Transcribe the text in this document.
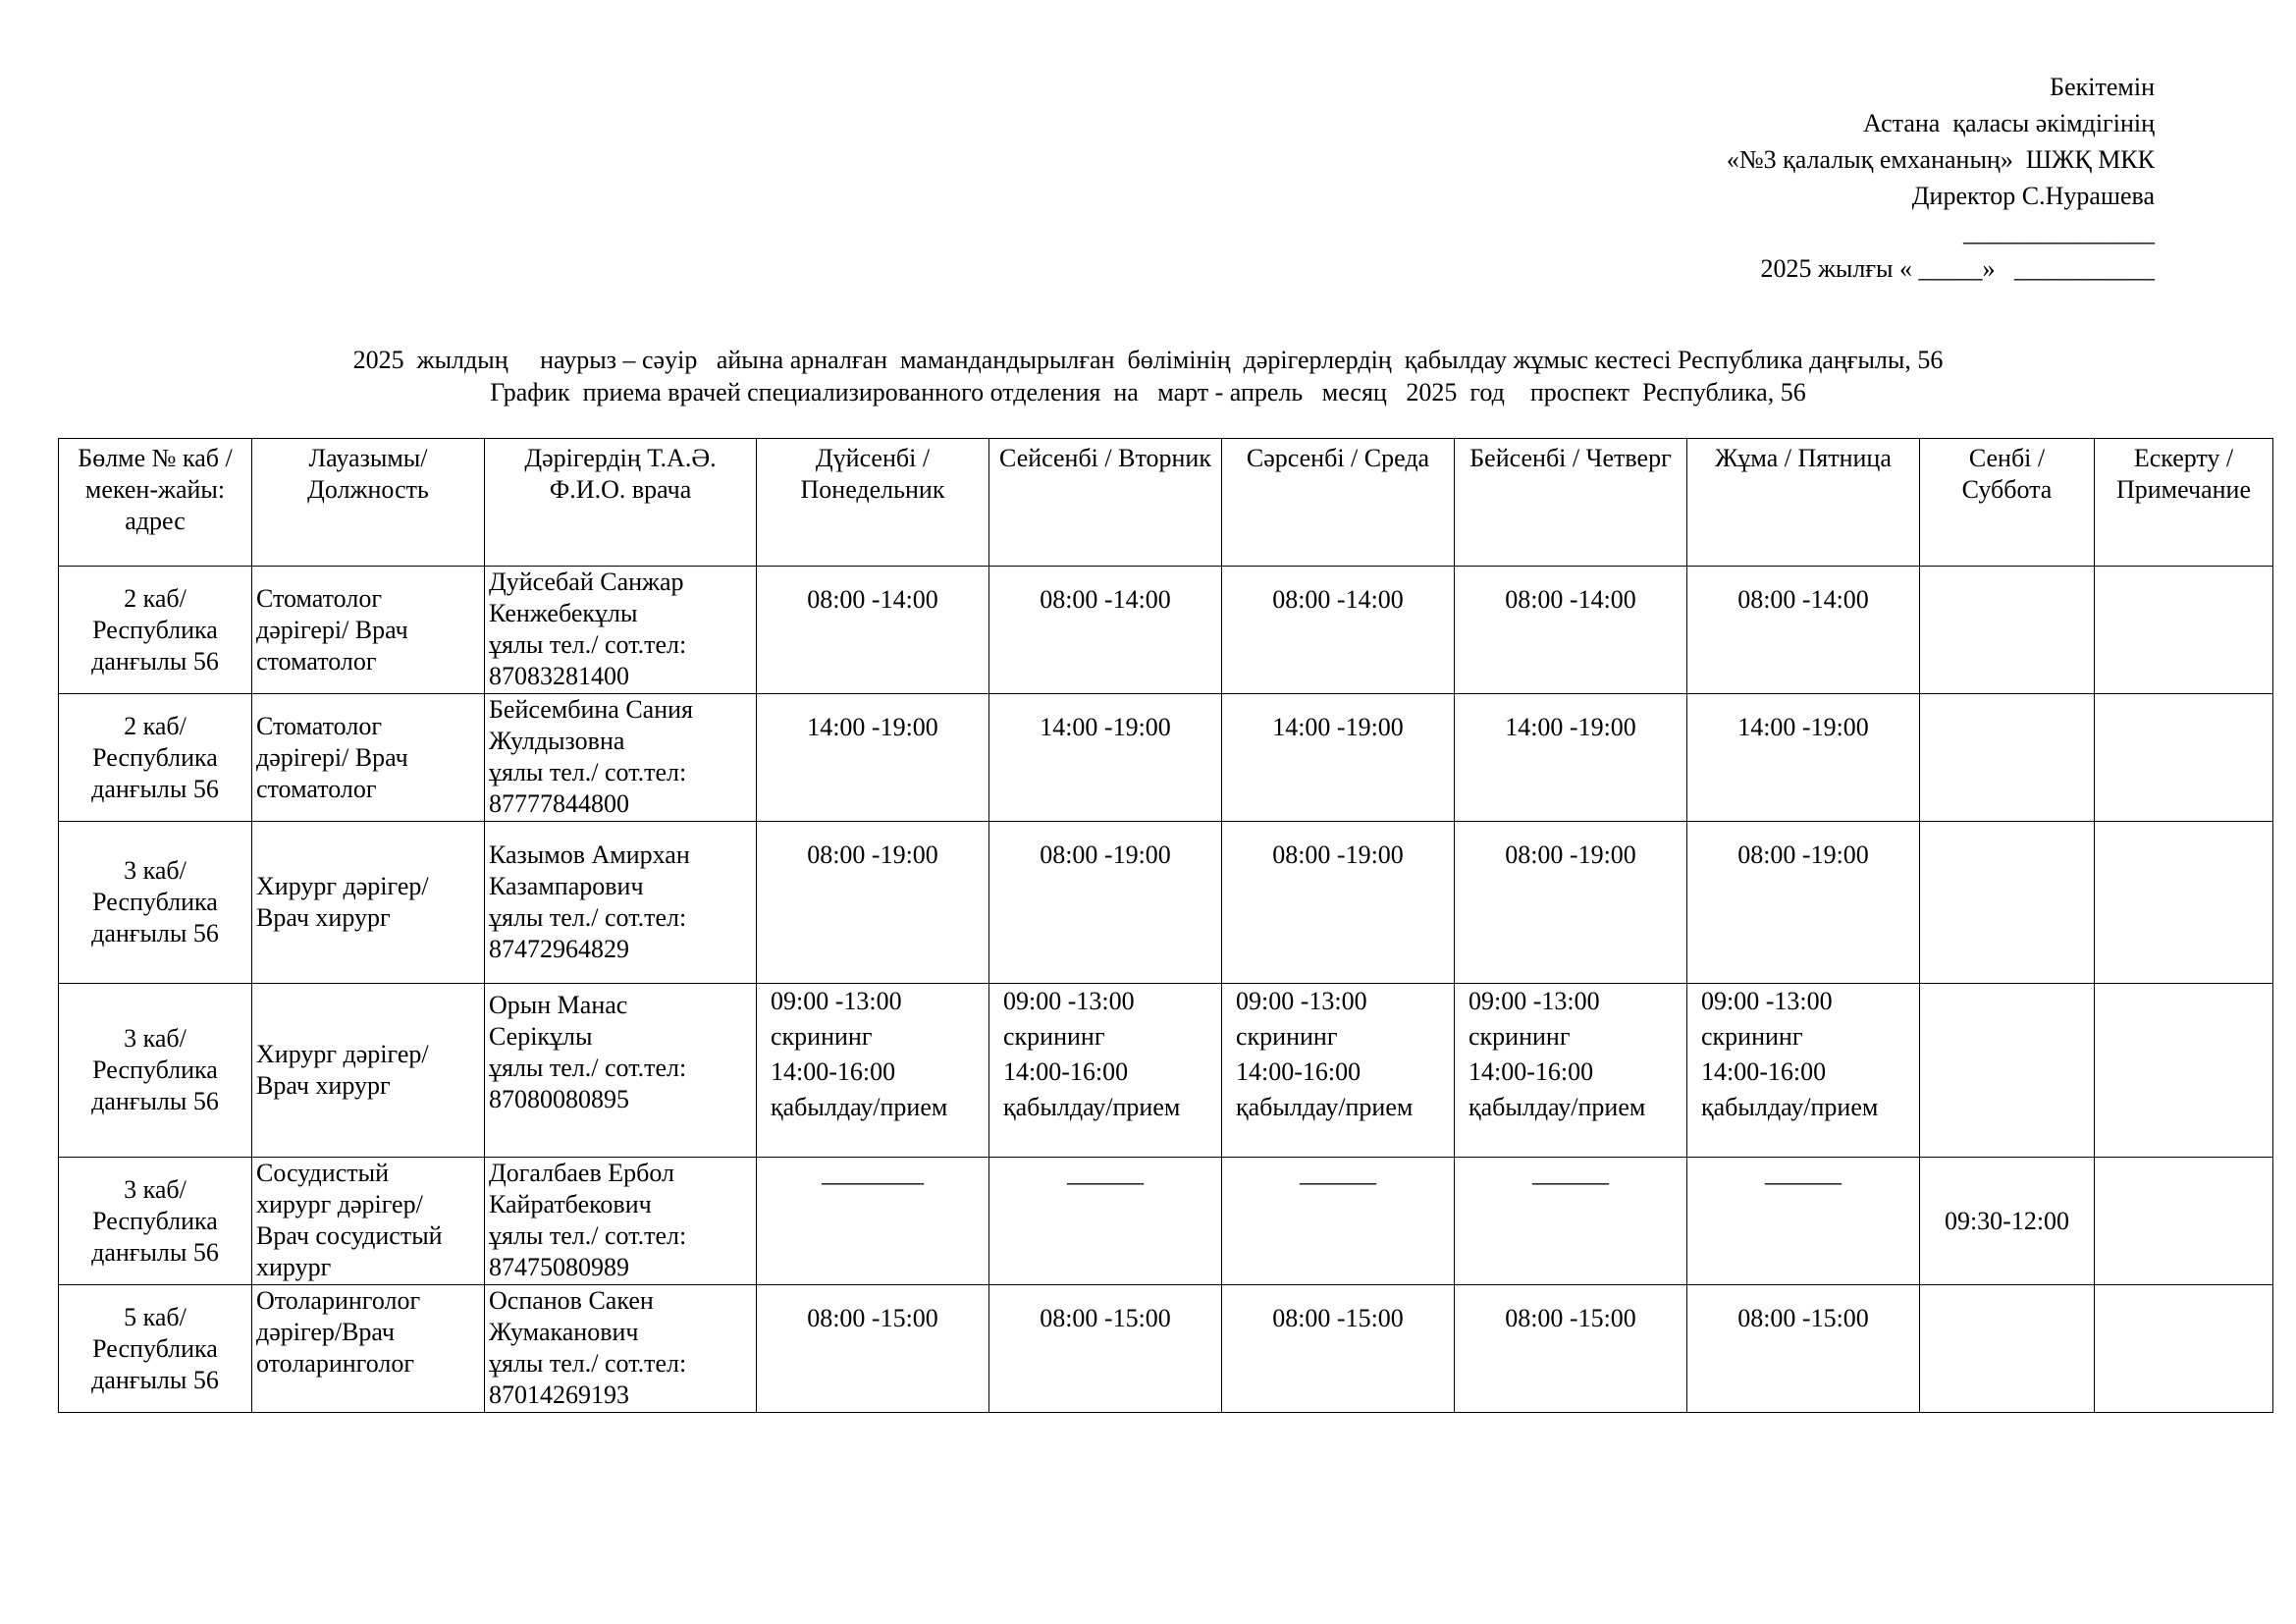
Бекітемін
Астана  қаласы әкімдігінің
«№3 қалалық емхананың»  ШЖҚ МКК
Директор С.Нурашева
_______________
2025 жылғы « _____»   ___________
2025  жылдың     наурыз – сәуір   айына арналған  мамандандырылған  бөлімінің  дәрігерлердің  қабылдау жұмыс кестесі Республика даңғылы, 56
График  приема врачей специализированного отделения  на   март - апрель   месяц   2025  год    проспект  Республика, 56
Бөлме № каб / мекен-жайы: адрес	Лауазымы/ Должность	Дәрігердің Т.А.Ә. Ф.И.О. врача	Дүйсенбі / Понедельник	Сейсенбі / Вторник	Сәрсенбі / Среда	Бейсенбі / Четверг	Жұма / Пятница	Сенбі / Суббота	Ескерту / Примечание

2 каб/
Республика
данғылы 56	Стоматолог
дәрігері/ Врач
стоматолог	Дуйсебай Санжар
Кенжебекұлы
ұялы тел./ сот.тел:
87083281400	08:00 -14:00	08:00 -14:00	08:00 -14:00	08:00 -14:00	08:00 -14:00		

2 каб/
Республика
данғылы 56	Стоматолог
дәрігері/ Врач
стоматолог	Бейсембина Сания
Жулдызовна
ұялы тел./ сот.тел:
87777844800	14:00 -19:00	14:00 -19:00	14:00 -19:00	14:00 -19:00	14:00 -19:00		

3 каб/
Республика
данғылы 56	Хирург дәрігер/
Врач хирург	Казымов Амирхан
Казампарович
ұялы тел./ сот.тел:
87472964829	08:00 -19:00	08:00 -19:00	08:00 -19:00	08:00 -19:00	08:00 -19:00		

3 каб/
Республика
данғылы 56	Хирург дәрігер/
Врач хирург	Орын Манас
Серікұлы
ұялы тел./ сот.тел:
87080080895	09:00 -13:00
скрининг
14:00-16:00
қабылдау/прием	09:00 -13:00
скрининг
14:00-16:00
қабылдау/прием	09:00 -13:00
скрининг
14:00-16:00
қабылдау/прием	09:00 -13:00
скрининг
14:00-16:00
қабылдау/прием	09:00 -13:00
скрининг
14:00-16:00
қабылдау/прием		

3 каб/
Республика
данғылы 56	Сосудистый
хирург дәрігер/
Врач сосудистый
хирург	Догалбаев Ербол
Кайратбекович
ұялы тел./ сот.тел:
87475080989	________	______	______	______	______	09:30-12:00	

5 каб/
Республика
данғылы 56	Отоларинголог
дәрігер/Врач
отоларинголог	Оспанов Сакен
Жумаканович
ұялы тел./ сот.тел:
87014269193	08:00 -15:00	08:00 -15:00	08:00 -15:00	08:00 -15:00	08:00 -15:00		
